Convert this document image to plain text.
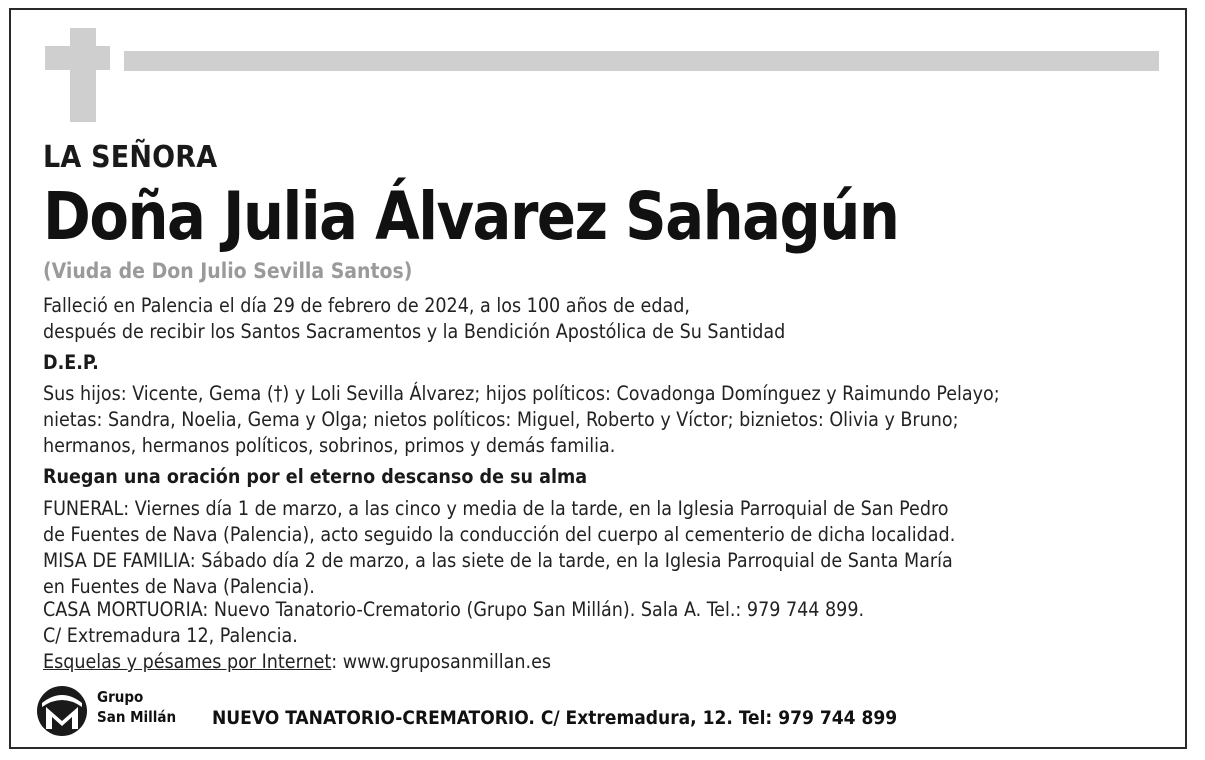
LA SEÑORA
Doña Julia Álvarez Sahagún
(Viuda de Don Julio Sevilla Santos)
Falleció en Palencia el día 29 de febrero de 2024, a los 100 años de edad,
después de recibir los Santos Sacramentos y la Bendición Apostólica de Su Santidad
D.E.P.
Sus hijos: Vicente, Gema (†) y Loli Sevilla Álvarez; hijos políticos: Covadonga Domínguez y Raimundo Pelayo;
nietas: Sandra, Noelia, Gema y Olga; nietos políticos: Miguel, Roberto y Víctor; biznietos: Olivia y Bruno;
hermanos, hermanos políticos, sobrinos, primos y demás familia.
Ruegan una oración por el eterno descanso de su alma
FUNERAL: Viernes día 1 de marzo, a las cinco y media de la tarde, en la Iglesia Parroquial de San Pedro
de Fuentes de Nava (Palencia), acto seguido la conducción del cuerpo al cementerio de dicha localidad.
MISA DE FAMILIA: Sábado día 2 de marzo, a las siete de la tarde, en la Iglesia Parroquial de Santa María
en Fuentes de Nava (Palencia).
CASA MORTUORIA: Nuevo Tanatorio-Crematorio (Grupo San Millán). Sala A. Tel.: 979 744 899.
C/ Extremadura 12, Palencia.
Esquelas y pésames por Internet: www.gruposanmillan.es
Grupo
San Millán NUEVO TANATORIO-CREMATORIO. C/ Extremadura, 12. Tel: 979 744 899
